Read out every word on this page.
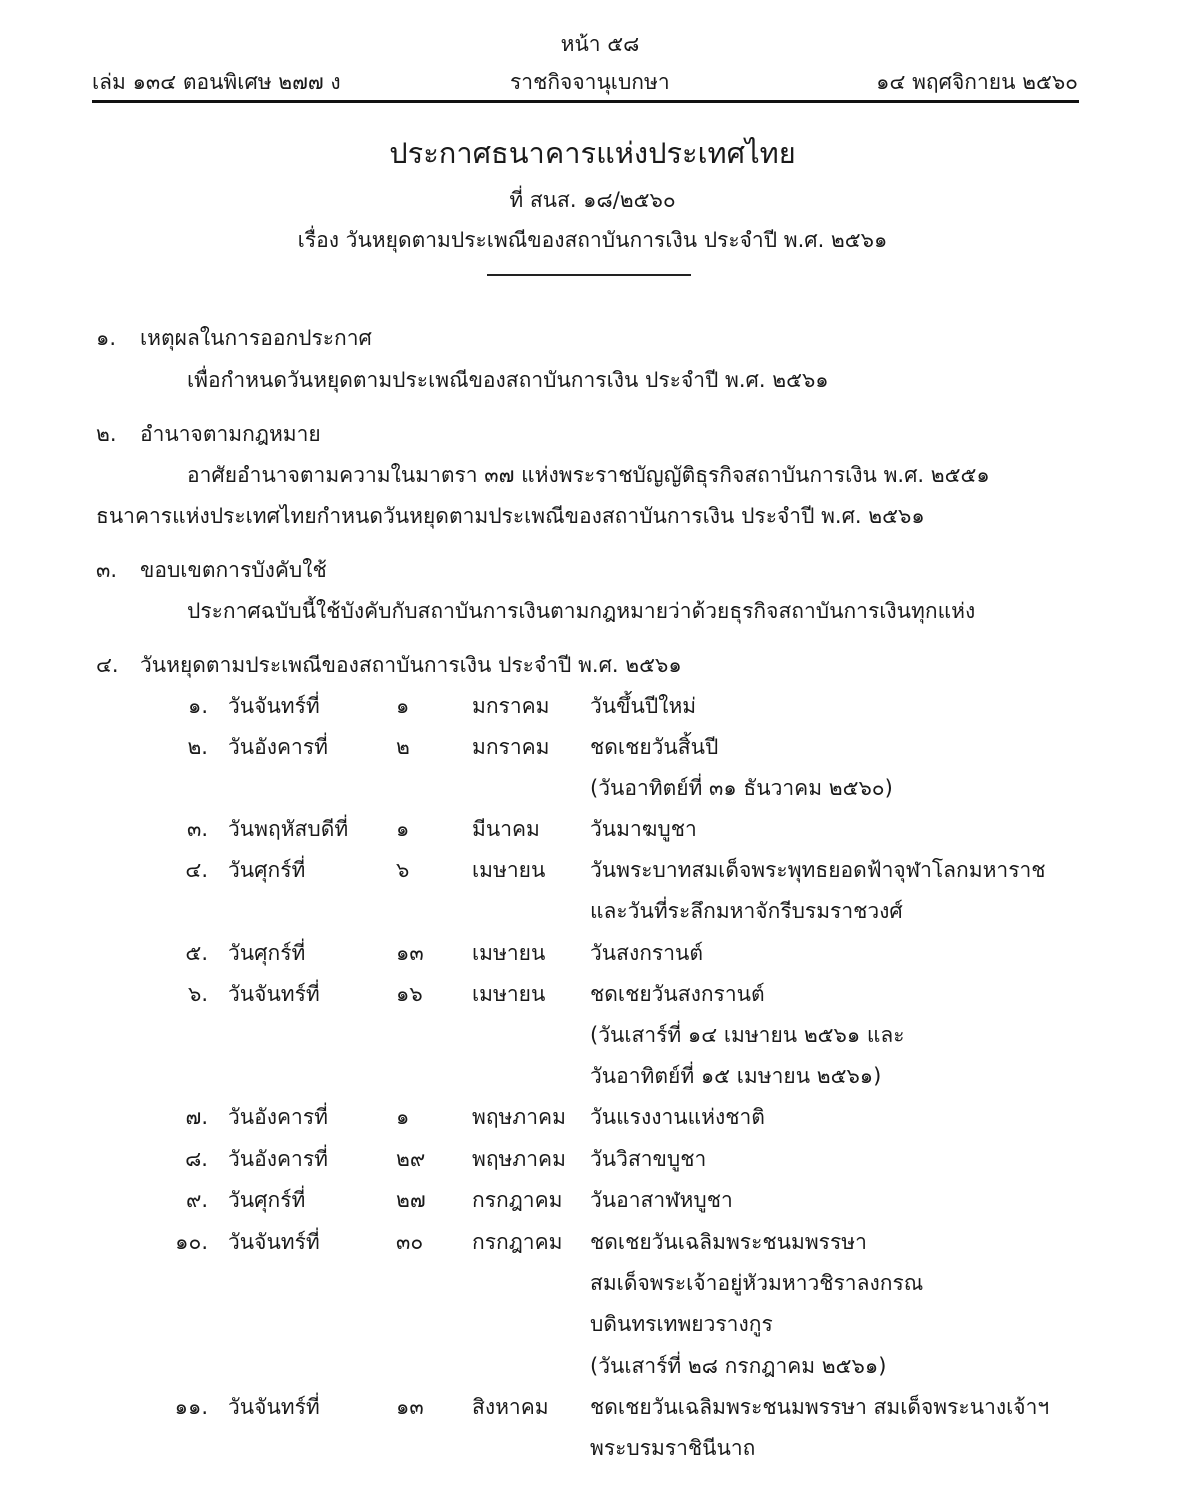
หน้า ๕๘
เล่ม ๑๓๔ ตอนพิเศษ ๒๗๗ ง	ราชกิจจานุเบกษา	๑๔ พฤศจิกายน ๒๕๖๐
ประกาศธนาคารแห่งประเทศไทย
ที่ สนส. ๑๘/๒๕๖๐
เรื่อง วันหยุดตามประเพณีของสถาบันการเงิน ประจำปี พ.ศ. ๒๕๖๑
๑. เหตุผลในการออกประกาศ
เพื่อกำหนดวันหยุดตามประเพณีของสถาบันการเงิน ประจำปี พ.ศ. ๒๕๖๑
๒. อำนาจตามกฎหมาย
อาศัยอำนาจตามความในมาตรา ๓๗ แห่งพระราชบัญญัติธุรกิจสถาบันการเงิน พ.ศ. ๒๕๕๑
ธนาคารแห่งประเทศไทยกำหนดวันหยุดตามประเพณีของสถาบันการเงิน ประจำปี พ.ศ. ๒๕๖๑
๓. ขอบเขตการบังคับใช้
ประกาศฉบับนี้ใช้บังคับกับสถาบันการเงินตามกฎหมายว่าด้วยธุรกิจสถาบันการเงินทุกแห่ง
๔. วันหยุดตามประเพณีของสถาบันการเงิน ประจำปี พ.ศ. ๒๕๖๑
๑. วันจันทร์ที่	๑	มกราคม วันขึ้นปีใหม่
๒. วันอังคารที่	๒	มกราคม ชดเชยวันสิ้นปี
(วันอาทิตย์ที่ ๓๑ ธันวาคม ๒๕๖๐)
๓. วันพฤหัสบดีที่ ๑	มีนาคม วันมาฆบูชา
๔. วันศุกร์ที่	๖	เมษายน วันพระบาทสมเด็จพระพุทธยอดฟ้าจุฬาโลกมหาราช
และวันที่ระลึกมหาจักรีบรมราชวงศ์
๕. วันศุกร์ที่	๑๓ เมษายน วันสงกรานต์
๖. วันจันทร์ที่	๑๖ เมษายน ชดเชยวันสงกรานต์
(วันเสาร์ที่ ๑๔ เมษายน ๒๕๖๑ และ
วันอาทิตย์ที่ ๑๕ เมษายน ๒๕๖๑)
๗. วันอังคารที่	๑	พฤษภาคม วันแรงงานแห่งชาติ
๘. วันอังคารที่	๒๙ พฤษภาคม วันวิสาขบูชา
๙. วันศุกร์ที่	๒๗ กรกฎาคม วันอาสาฬหบูชา
๑๐. วันจันทร์ที่	๓๐ กรกฎาคม ชดเชยวันเฉลิมพระชนมพรรษา
สมเด็จพระเจ้าอยู่หัวมหาวชิราลงกรณ
บดินทรเทพยวรางกูร
(วันเสาร์ที่ ๒๘ กรกฎาคม ๒๕๖๑)
๑๑. วันจันทร์ที่	๑๓ สิงหาคม ชดเชยวันเฉลิมพระชนมพรรษา สมเด็จพระนางเจ้าฯ
พระบรมราชินีนาถ
